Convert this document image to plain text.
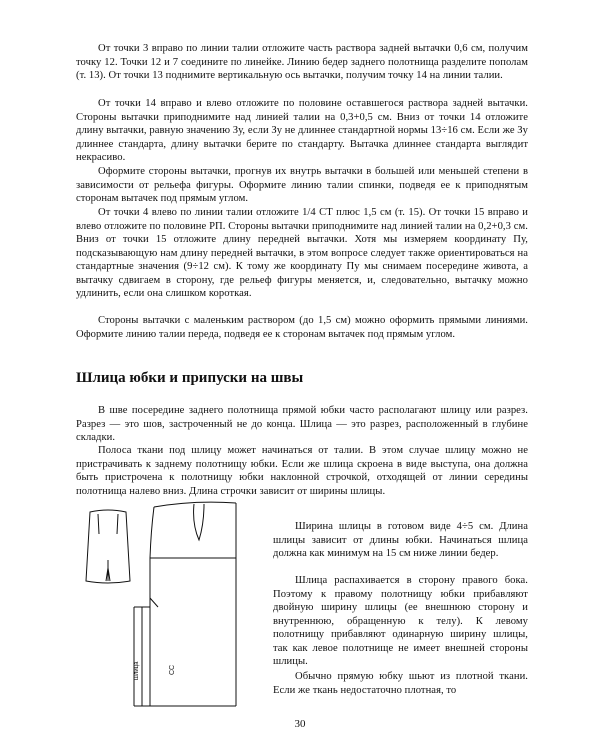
От точки 3 вправо по линии талии отложите часть раствора задней вытачки 0,6 см, получим точку 12. Точки 12 и 7 соедините по линейке. Линию бедер заднего полотнища разделите пополам (т. 13). От точки 13 поднимите вертикальную ось вытачки, получим точку 14 на линии талии.

От точки 14 вправо и влево отложите по половине оставшегося раствора задней вытачки. Стороны вытачки приподнимите над линией талии на 0,3+0,5 см. Вниз от точки 14 отложите длину вытачки, равную значению Зу, если Зу не длиннее стандартной нормы 13÷16 см. Если же Зу длиннее стандарта, длину вытачки берите по стандарту. Вытачка длиннее стандарта выглядит некрасиво.

Оформите стороны вытачки, прогнув их внутрь вытачки в большей или меньшей степени в зависимости от рельефа фигуры. Оформите линию талии спинки, подведя ее к приподнятым сторонам вытачек под прямым углом.

От точки 4 влево по линии талии отложите 1/4 СТ плюс 1,5 см (т. 15). От точки 15 вправо и влево отложите по половине РП. Стороны вытачки приподнимите над линией талии на 0,2+0,3 см. Вниз от точки 15 отложите длину передней вытачки. Хотя мы измеряем координату Пу, подсказывающую нам длину передней вытачки, в этом вопросе следует также ориентироваться на стандартные значения (9÷12 см). К тому же координату Пу мы снимаем посередине живота, а вытачку сдвигаем в сторону, где рельеф фигуры меняется, и, следовательно, вытачку можно удлинить, если она слишком короткая.

Стороны вытачки с маленьким раствором (до 1,5 см) можно оформить прямыми линиями. Оформите линию талии переда, подведя ее к сторонам вытачек под прямым углом.

Шлица юбки и припуски на швы

В шве посередине заднего полотнища прямой юбки часто располагают шлицу или разрез. Разрез — это шов, застроченный не до конца. Шлица — это разрез, расположенный в глубине складки.

Полоса ткани под шлицу может начинаться от талии. В этом случае шлицу можно не пристрачивать к заднему полотнищу юбки. Если же шлица скроена в виде выступа, она должна быть пристрочена к полотнищу юбки наклонной строчкой, отходящей от линии середины полотнища налево вниз. Длина строчки зависит от ширины шлицы.

шлица	СС

Ширина шлицы в готовом виде 4÷5 см. Длина шлицы зависит от длины юбки. Начинаться шлица должна как минимум на 15 см ниже линии бедер.

Шлица распахивается в сторону правого бока. Поэтому к правому полотнищу юбки прибавляют двойную ширину шлицы (ее внешнюю сторону и внутреннюю, обращенную к телу). К левому полотнищу прибавляют одинарную ширину шлицы, так как левое полотнище не имеет внешней стороны шлицы.

Обычно прямую юбку шьют из плотной ткани. Если же ткань недостаточно плотная, то

30
